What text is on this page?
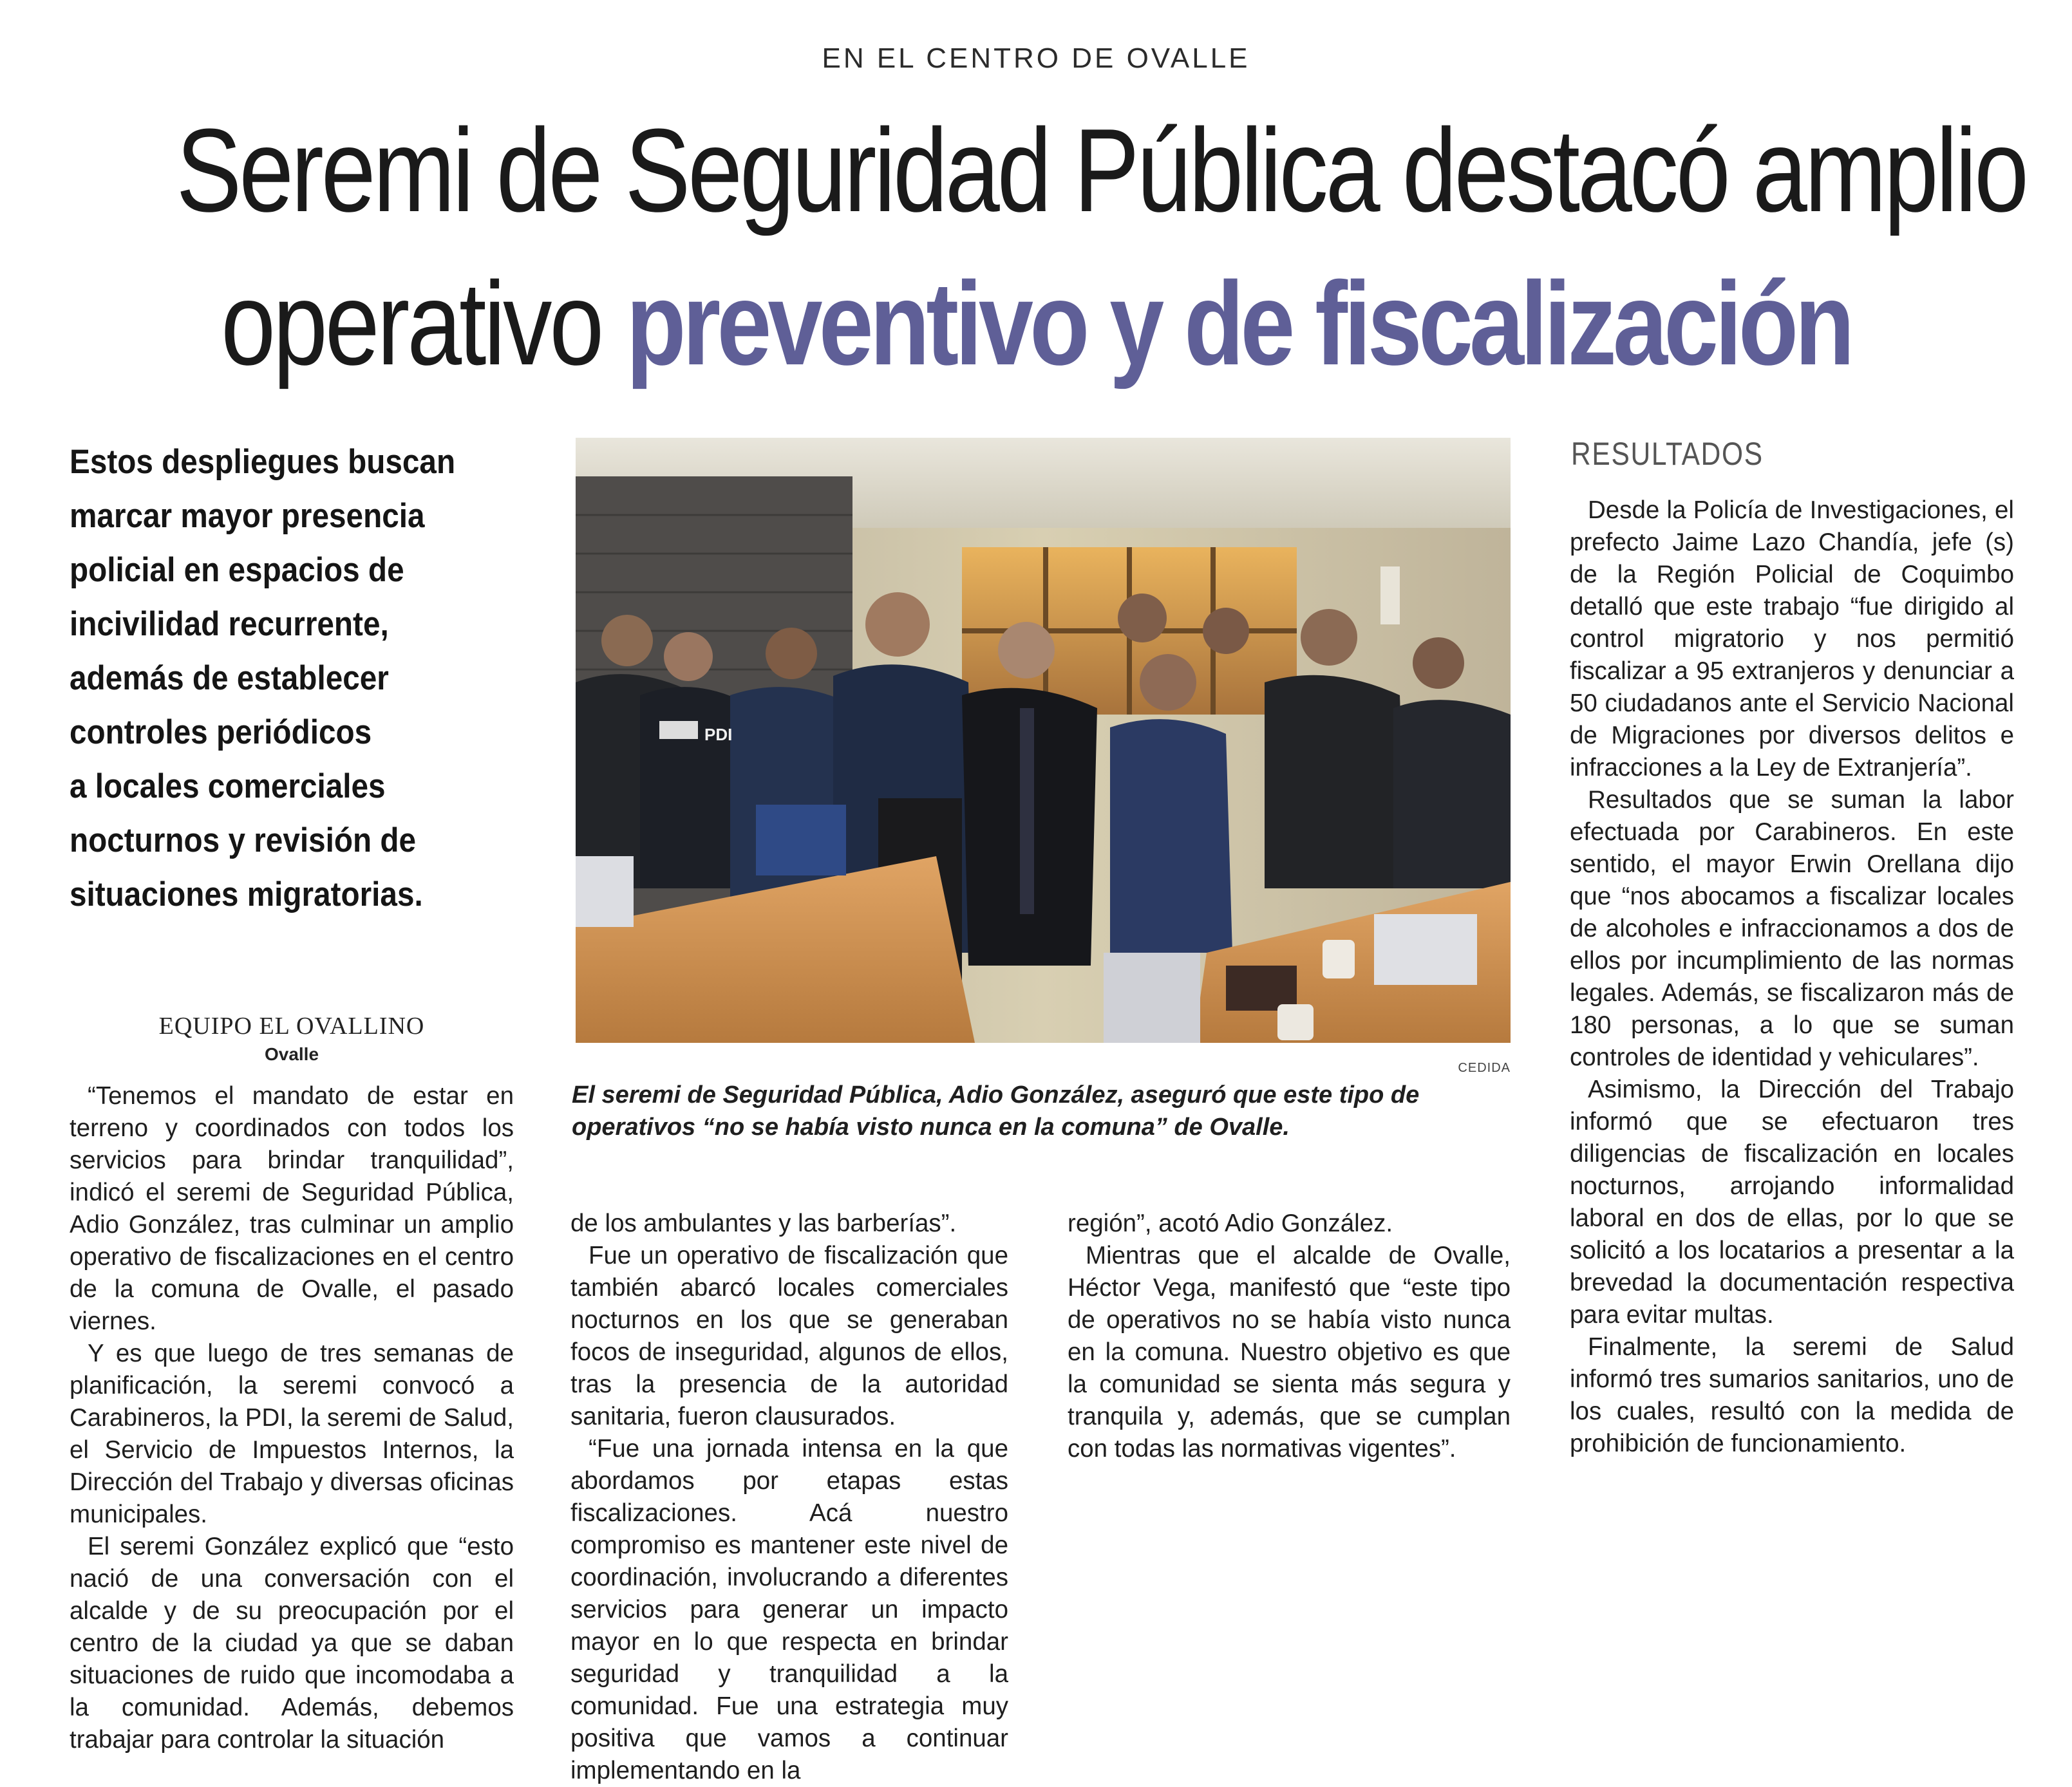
EN EL CENTRO DE OVALLE
Seremi de Seguridad Pública destacó amplio
operativo preventivo y de fiscalización

Estos despliegues buscan

marcar mayor presencia

policial en espacios de

incivilidad recurrente,

además de establecer

controles periódicos

a locales comerciales

nocturnos y revisión de

situaciones migratorias.

EQUIPO EL OVALLINO
Ovalle

“Tenemos el mandato de estar en terreno y coordinados con todos los servicios para brindar tranquilidad”, indicó el seremi de Seguridad Pública, Adio González, tras culminar un amplio operativo de fiscalizaciones en el centro de la comuna de Ovalle, el pasado viernes.

Y es que luego de tres semanas de planificación, la seremi convocó a Carabineros, la PDI, la seremi de Salud, el Servicio de Impuestos Internos, la Dirección del Trabajo y diversas oficinas municipales.

El seremi González explicó que “esto nació de una conversación con el alcalde y de su preocupación por el centro de la ciudad ya que se daban situaciones de ruido que incomodaba a la comunidad. Además, debemos trabajar para controlar la situación

PDI
CEDIDA
El seremi de Seguridad Pública, Adio González, aseguró que este tipo de operativos “no se había visto nunca en la comuna” de Ovalle.

de los ambulantes y las barberías”.

Fue un operativo de fiscalización que también abarcó locales comerciales nocturnos en los que se generaban focos de inseguridad, algunos de ellos, tras la presencia de la autoridad sanitaria, fueron clausurados.

“Fue una jornada intensa en la que abordamos por etapas estas fiscalizaciones. Acá nuestro compromiso es mantener este nivel de coordinación, involucrando a diferentes servicios para generar un impacto mayor en lo que respecta en brindar seguridad y tranquilidad a la comunidad. Fue una estrategia muy positiva que vamos a continuar implementando en la

región”, acotó Adio González.

Mientras que el alcalde de Ovalle, Héctor Vega, manifestó que “este tipo de operativos no se había visto nunca en la comuna. Nuestro objetivo es que la comunidad se sienta más segura y tranquila y, además, que se cumplan con todas las normativas vigentes”.

RESULTADOS

Desde la Policía de Investigaciones, el prefecto Jaime Lazo Chandía, jefe (s) de la Región Policial de Coquimbo detalló que este trabajo “fue dirigido al control migratorio y nos permitió fiscalizar a 95 extranjeros y denunciar a 50 ciudadanos ante el Servicio Nacional de Migraciones por diversos delitos e infracciones a la Ley de Extranjería”.

Resultados que se suman la labor efectuada por Carabineros. En este sentido, el mayor Erwin Orellana dijo que “nos abocamos a fiscalizar locales de alcoholes e infraccionamos a dos de ellos por incumplimiento de las normas legales. Además, se fiscalizaron más de 180 personas, a lo que se suman controles de identidad y vehiculares”.

Asimismo, la Dirección del Trabajo informó que se efectuaron tres diligencias de fiscalización en locales nocturnos, arrojando informalidad laboral en dos de ellas, por lo que se solicitó a los locatarios a presentar a la brevedad la documentación respectiva para evitar multas.

Finalmente, la seremi de Salud informó tres sumarios sanitarios, uno de los cuales, resultó con la medida de prohibición de funcionamiento.
